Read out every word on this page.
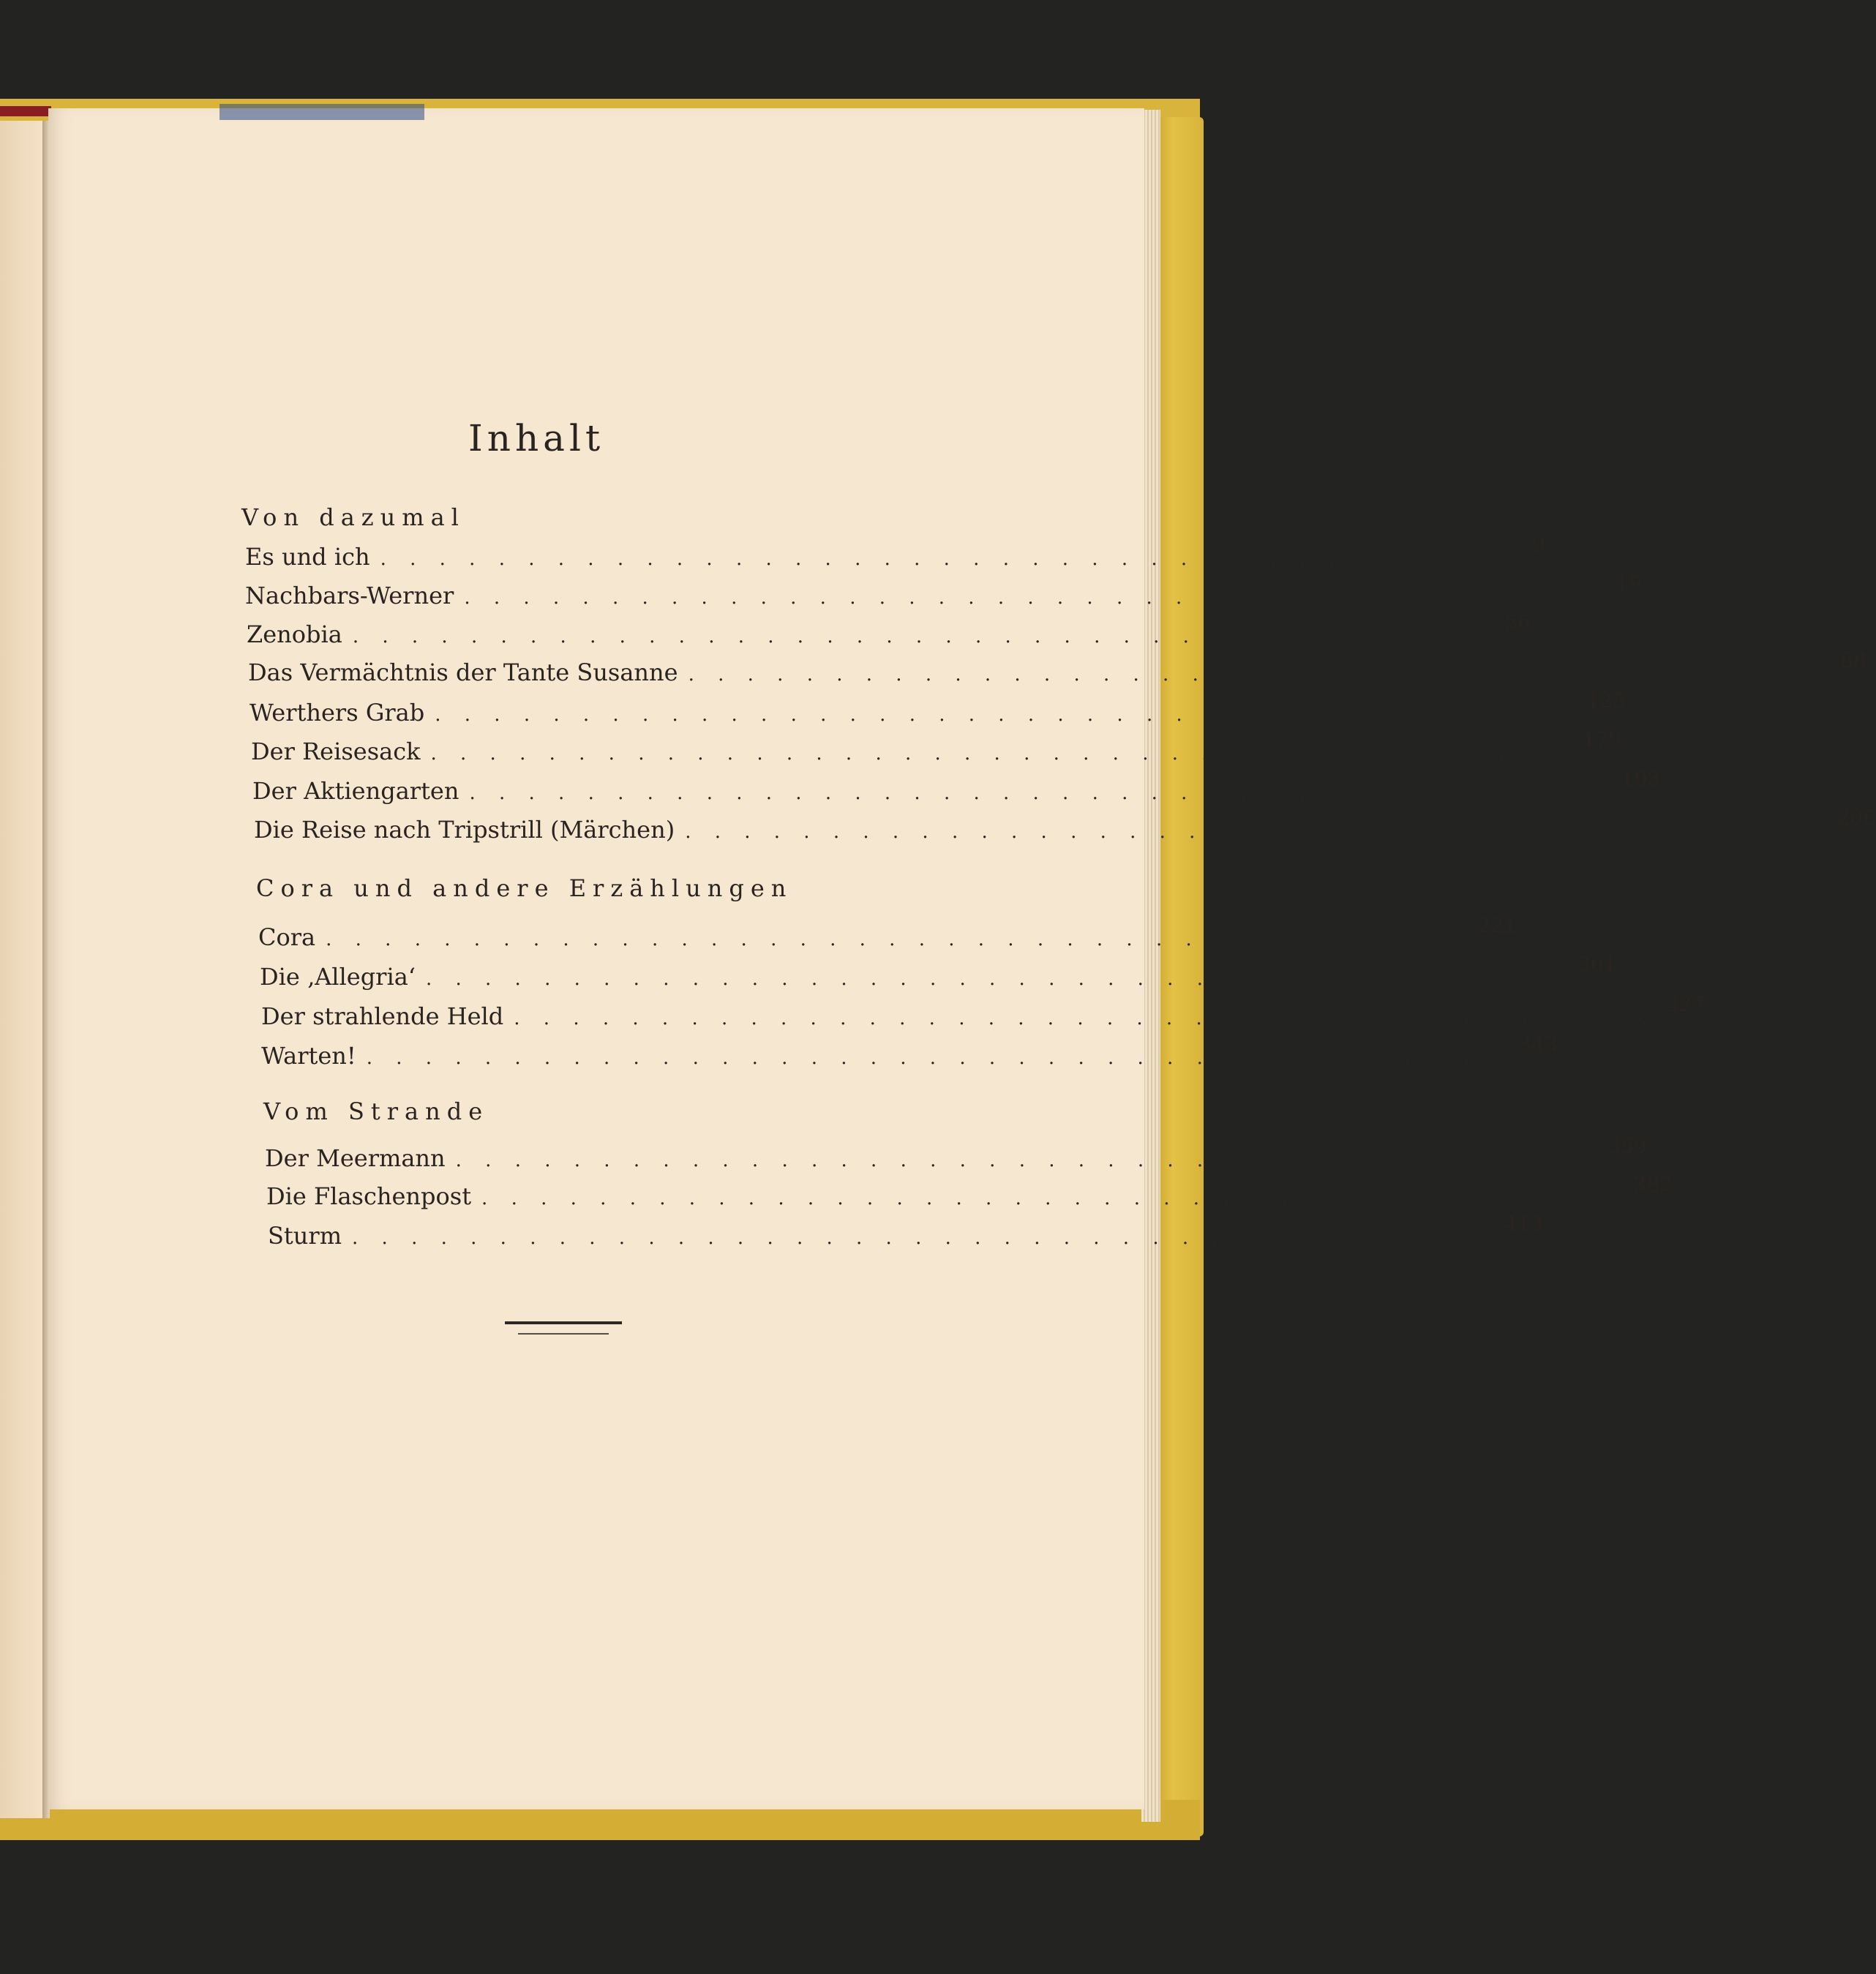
Inhalt
Von dazumal
Es und ich . . . . . . . . . . . . . . . . . . . . . . . . . . . . . . . . . . . . . . .
9
Nachbars-Werner . . . . . . . . . . . . . . . . . . . . . . . . . . . . . . . . . . . . . . .
19
Zenobia . . . . . . . . . . . . . . . . . . . . . . . . . . . . . . . . . . . . . . .
56
Das Vermächtnis der Tante Susanne . . . . . . . . . . . . . . . . . . . . . . . . . . . . . . . . . . . . . . .
88
Werthers Grab . . . . . . . . . . . . . . . . . . . . . . . . . . . . . . . . . . . . . . .
125
Der Reisesack . . . . . . . . . . . . . . . . . . . . . . . . . . . . . . . . . . . . . . .
179
Der Aktiengarten . . . . . . . . . . . . . . . . . . . . . . . . . . . . . . . . . . . . . . .
193
Die Reise nach Tripstrill (Märchen) . . . . . . . . . . . . . . . . . . . . . . . . . . . . . . . . . . . . . . .
206
Cora und andere Erzählungen
Cora . . . . . . . . . . . . . . . . . . . . . . . . . . . . . . . . . . . . . . .
221
Die ‚Allegria‘ . . . . . . . . . . . . . . . . . . . . . . . . . . . . . . . . . . . . . . .
301
Der strahlende Held . . . . . . . . . . . . . . . . . . . . . . . . . . . . . . . . . . . . . . .
327
Warten! . . . . . . . . . . . . . . . . . . . . . . . . . . . . . . . . . . . . . . .
343
Vom Strande
Der Meermann . . . . . . . . . . . . . . . . . . . . . . . . . . . . . . . . . . . . . . .
359
Die Flaschenpost . . . . . . . . . . . . . . . . . . . . . . . . . . . . . . . . . . . . . . .
382
Sturm . . . . . . . . . . . . . . . . . . . . . . . . . . . . . . . . . . . . . . .
413
